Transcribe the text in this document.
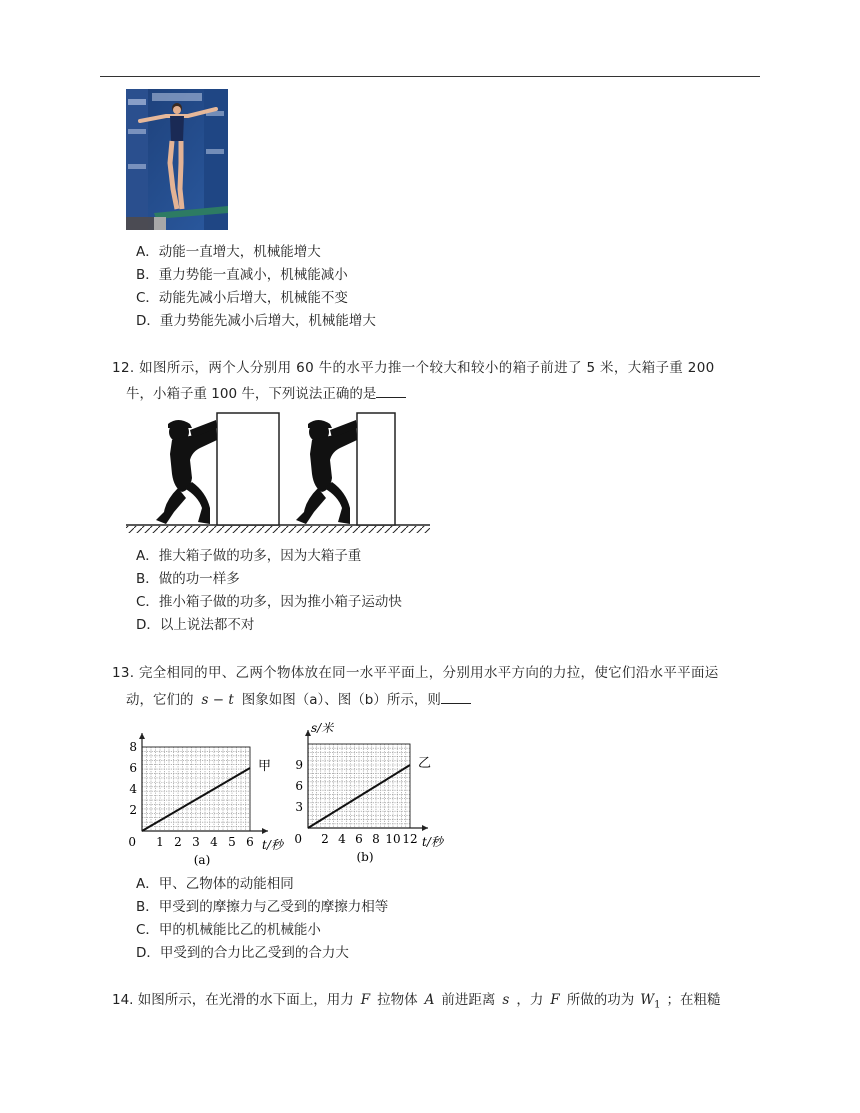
A．动能一直增大，机械能增大
B．重力势能一直减小，机械能减小
C．动能先减小后增大，机械能不变
D．重力势能先减小后增大，机械能增大
12. 如图所示，两个人分别用 60 牛的水平力推一个较大和较小的箱子前进了 5 米，大箱子重 200
牛，小箱子重 100 牛，下列说法正确的是
A．推大箱子做的功多，因为大箱子重
B．做的功一样多
C．推小箱子做的功多，因为推小箱子运动快
D．以上说法都不对
13. 完全相同的甲、乙两个物体放在同一水平平面上，分别用水平方向的力拉，使它们沿水平平面运
动，它们的 s − t 图象如图（a）、图（b）所示，则
1 2 3 4 5 6
2
4
6
8
0	t/秒
甲
(a)
2 4 6 8 10 12
3
6
9
0	t/秒
s/米
乙
(b)
A．甲、乙物体的动能相同
B．甲受到的摩擦力与乙受到的摩擦力相等
C．甲的机械能比乙的机械能小
D．甲受到的合力比乙受到的合力大
14. 如图所示，在光滑的水下面上，用力 F 拉物体 A 前进距离 s ，力 F 所做的功为 $W_1$ ；在粗糙
